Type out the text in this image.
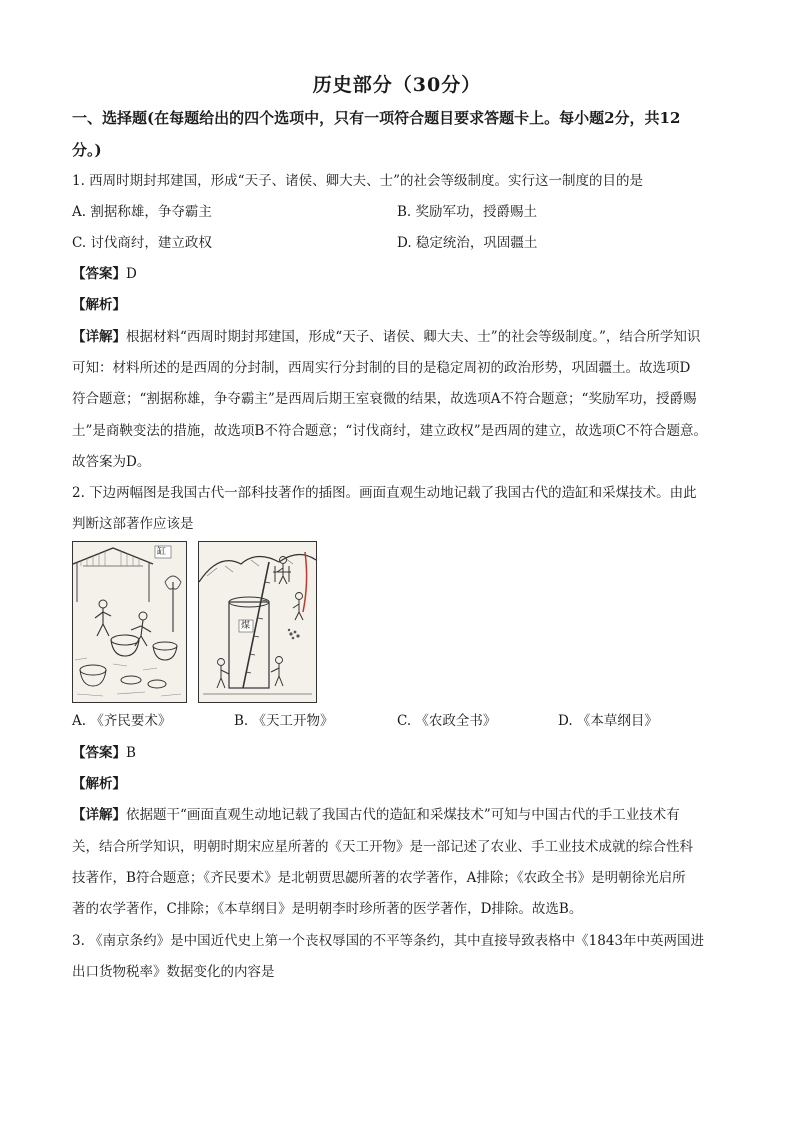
历史部分（30分）
一、选择题(在每题给出的四个选项中，只有一项符合题目要求答题卡上。每小题2分，共12
分。)
1. 西周时期封邦建国，形成“天子、诸侯、卿大夫、士”的社会等级制度。实行这一制度的目的是
A. 割据称雄，争夺霸主	B. 奖励军功，授爵赐土
C. 讨伐商纣，建立政权	D. 稳定统治，巩固疆土
【答案】D
【解析】
【详解】根据材料“西周时期封邦建国，形成“天子、诸侯、卿大夫、士”的社会等级制度。”，结合所学知识
可知：材料所述的是西周的分封制，西周实行分封制的目的是稳定周初的政治形势，巩固疆土。故选项D
符合题意；“割据称雄，争夺霸主”是西周后期王室衰微的结果，故选项A不符合题意；“奖励军功，授爵赐
土”是商鞅变法的措施，故选项B不符合题意；“讨伐商纣，建立政权”是西周的建立，故选项C不符合题意。
故答案为D。
2. 下边两幅图是我国古代一部科技著作的插图。画面直观生动地记载了我国古代的造缸和采煤技术。由此
判断这部著作应该是
缸
煤
A. 《齐民要术》	B. 《天工开物》	C. 《农政全书》	D. 《本草纲目》
【答案】B
【解析】
【详解】依据题干“画面直观生动地记载了我国古代的造缸和采煤技术”可知与中国古代的手工业技术有
关，结合所学知识，明朝时期宋应星所著的《天工开物》是一部记述了农业、手工业技术成就的综合性科
技著作，B符合题意；《齐民要术》是北朝贾思勰所著的农学著作，A排除；《农政全书》是明朝徐光启所
著的农学著作，C排除；《本草纲目》是明朝李时珍所著的医学著作，D排除。故选B。
3. 《南京条约》是中国近代史上第一个丧权辱国的不平等条约，其中直接导致表格中《1843年中英两国进
出口货物税率》数据变化的内容是
